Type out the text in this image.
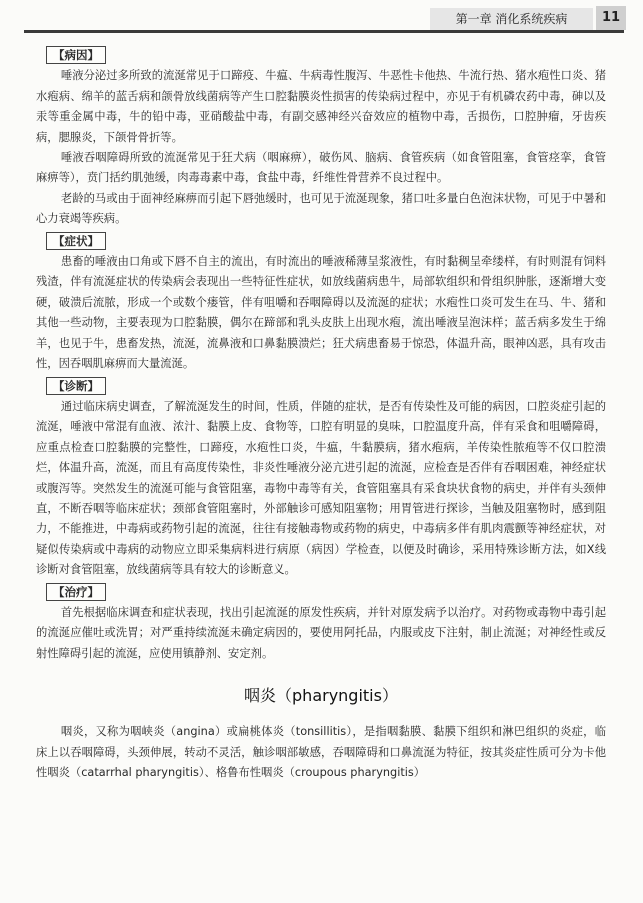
第一章 消化系统疾病	11
【病因】

唾液分泌过多所致的流涎常见于口蹄疫、牛瘟、牛病毒性腹泻、牛恶性卡他热、牛流行热、猪水疱性口炎、猪水疱病、绵羊的蓝舌病和颌骨放线菌病等产生口腔黏膜炎性损害的传染病过程中，亦见于有机磷农药中毒，砷以及汞等重金属中毒，牛的铅中毒，亚硝酸盐中毒，有副交感神经兴奋效应的植物中毒，舌损伤，口腔肿瘤，牙齿疾病，腮腺炎，下颌骨骨折等。

唾液吞咽障碍所致的流涎常见于狂犬病（咽麻痹），破伤风、脑病、食管疾病（如食管阻塞，食管痉挛，食管麻痹等），贲门括约肌弛缓，肉毒毒素中毒，食盐中毒，纤维性骨营养不良过程中。

老龄的马或由于面神经麻痹而引起下唇弛缓时，也可见于流涎现象，猪口吐多量白色泡沫状物，可见于中暑和心力衰竭等疾病。

【症状】

患畜的唾液由口角或下唇不自主的流出，有时流出的唾液稀薄呈浆液性，有时黏稠呈牵缕样，有时则混有饲料残渣，伴有流涎症状的传染病会表现出一些特征性症状，如放线菌病患牛，局部软组织和骨组织肿胀，逐渐增大变硬，破溃后流脓，形成一个或数个瘘管，伴有咀嚼和吞咽障碍以及流涎的症状；水疱性口炎可发生在马、牛、猪和其他一些动物，主要表现为口腔黏膜，偶尔在蹄部和乳头皮肤上出现水疱，流出唾液呈泡沫样；蓝舌病多发生于绵羊，也见于牛，患畜发热，流涎，流鼻液和口鼻黏膜溃烂；狂犬病患畜易于惊恐，体温升高，眼神凶恶，具有攻击性，因吞咽肌麻痹而大量流涎。

【诊断】

通过临床病史调查，了解流涎发生的时间，性质，伴随的症状，是否有传染性及可能的病因，口腔炎症引起的流涎，唾液中常混有血液、浓汁、黏膜上皮、食物等，口腔有明显的臭味，口腔温度升高，伴有采食和咀嚼障碍，应重点检查口腔黏膜的完整性，口蹄疫，水疱性口炎，牛瘟，牛黏膜病，猪水疱病，羊传染性脓疱等不仅口腔溃烂，体温升高，流涎，而且有高度传染性，非炎性唾液分泌亢进引起的流涎，应检查是否伴有吞咽困难，神经症状或腹泻等。突然发生的流涎可能与食管阻塞，毒物中毒等有关，食管阻塞具有采食块状食物的病史，并伴有头颈伸直，不断吞咽等临床症状；颈部食管阻塞时，外部触诊可感知阻塞物；用胃管进行探诊，当触及阻塞物时，感到阻力，不能推进，中毒病或药物引起的流涎，往往有接触毒物或药物的病史，中毒病多伴有肌肉震颤等神经症状，对疑似传染病或中毒病的动物应立即采集病料进行病原（病因）学检查，以便及时确诊，采用特殊诊断方法，如X线诊断对食管阻塞，放线菌病等具有较大的诊断意义。

【治疗】

首先根据临床调查和症状表现，找出引起流涎的原发性疾病，并针对原发病予以治疗。对药物或毒物中毒引起的流涎应催吐或洗胃；对严重持续流涎未确定病因的，要使用阿托品，内服或皮下注射，制止流涎；对神经性或反射性障碍引起的流涎，应使用镇静剂、安定剂。

咽炎（pharyngitis）

咽炎，又称为咽峡炎（angina）或扁桃体炎（tonsillitis），是指咽黏膜、黏膜下组织和淋巴组织的炎症，临床上以吞咽障碍，头颈伸展，转动不灵活，触诊咽部敏感，吞咽障碍和口鼻流涎为特征，按其炎症性质可分为卡他性咽炎（catarrhal pharyngitis）、格鲁布性咽炎（croupous pharyngitis）
